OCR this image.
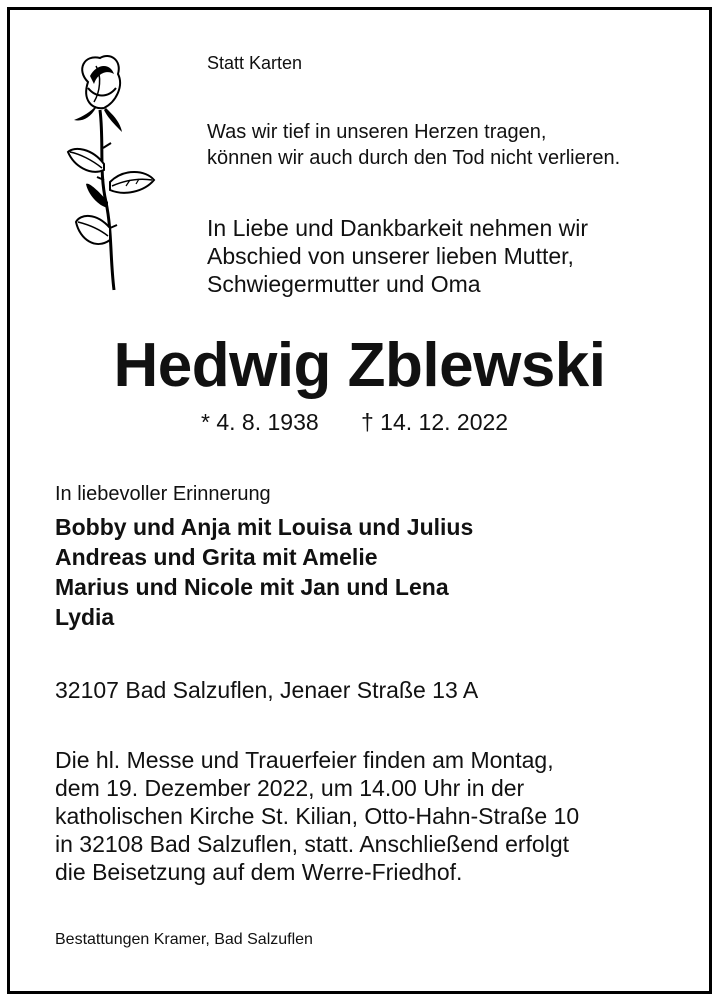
Statt Karten

Was wir tief in unseren Herzen tragen,

können wir auch durch den Tod nicht verlieren.

In Liebe und Dankbarkeit nehmen wir

Abschied von unserer lieben Mutter,

Schwiegermutter und Oma

Hedwig Zblewski

* 4. 8. 1938 † 14. 12. 2022

In liebevoller Erinnerung

Bobby und Anja mit Louisa und Julius

Andreas und Grita mit Amelie

Marius und Nicole mit Jan und Lena

Lydia

32107 Bad Salzuflen, Jenaer Straße 13 A

Die hl. Messe und Trauerfeier finden am Montag,

dem 19. Dezember 2022, um 14.00 Uhr in der

katholischen Kirche St. Kilian, Otto-Hahn-Straße 10

in 32108 Bad Salzuflen, statt. Anschließend erfolgt

die Beisetzung auf dem Werre-Friedhof.

Bestattungen Kramer, Bad Salzuflen
